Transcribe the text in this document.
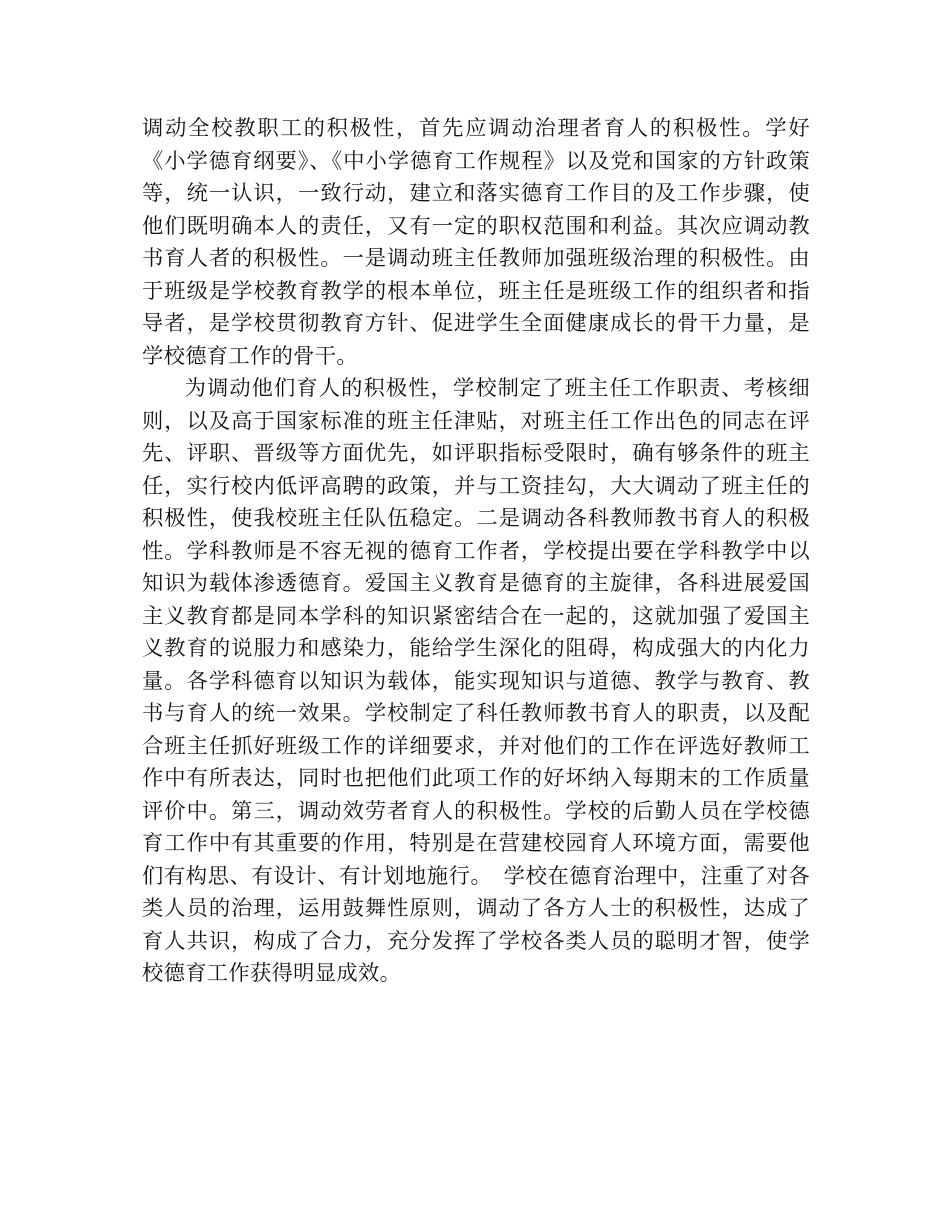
调动全校教职工的积极性，首先应调动治理者育人的积极性。学好《小学德育纲要》、《中小学德育工作规程》以及党和国家的方针政策等，统一认识，一致行动，建立和落实德育工作目的及工作步骤，使他们既明确本人的责任，又有一定的职权范围和利益。其次应调动教书育人者的积极性。一是调动班主任教师加强班级治理的积极性。由于班级是学校教育教学的根本单位，班主任是班级工作的组织者和指导者，是学校贯彻教育方针、促进学生全面健康成长的骨干力量，是学校德育工作的骨干。

为调动他们育人的积极性，学校制定了班主任工作职责、考核细则，以及高于国家标准的班主任津贴，对班主任工作出色的同志在评先、评职、晋级等方面优先，如评职指标受限时，确有够条件的班主任，实行校内低评高聘的政策，并与工资挂勾，大大调动了班主任的积极性，使我校班主任队伍稳定。二是调动各科教师教书育人的积极性。学科教师是不容无视的德育工作者，学校提出要在学科教学中以知识为载体渗透德育。爱国主义教育是德育的主旋律，各科进展爱国主义教育都是同本学科的知识紧密结合在一起的，这就加强了爱国主义教育的说服力和感染力，能给学生深化的阻碍，构成强大的内化力量。各学科德育以知识为载体，能实现知识与道德、教学与教育、教书与育人的统一效果。学校制定了科任教师教书育人的职责，以及配合班主任抓好班级工作的详细要求，并对他们的工作在评选好教师工作中有所表达，同时也把他们此项工作的好坏纳入每期末的工作质量评价中。第三，调动效劳者育人的积极性。学校的后勤人员在学校德育工作中有其重要的作用，特别是在营建校园育人环境方面，需要他们有构思、有设计、有计划地施行。　学校在德育治理中，注重了对各类人员的治理，运用鼓舞性原则，调动了各方人士的积极性，达成了育人共识，构成了合力，充分发挥了学校各类人员的聪明才智，使学校德育工作获得明显成效。
